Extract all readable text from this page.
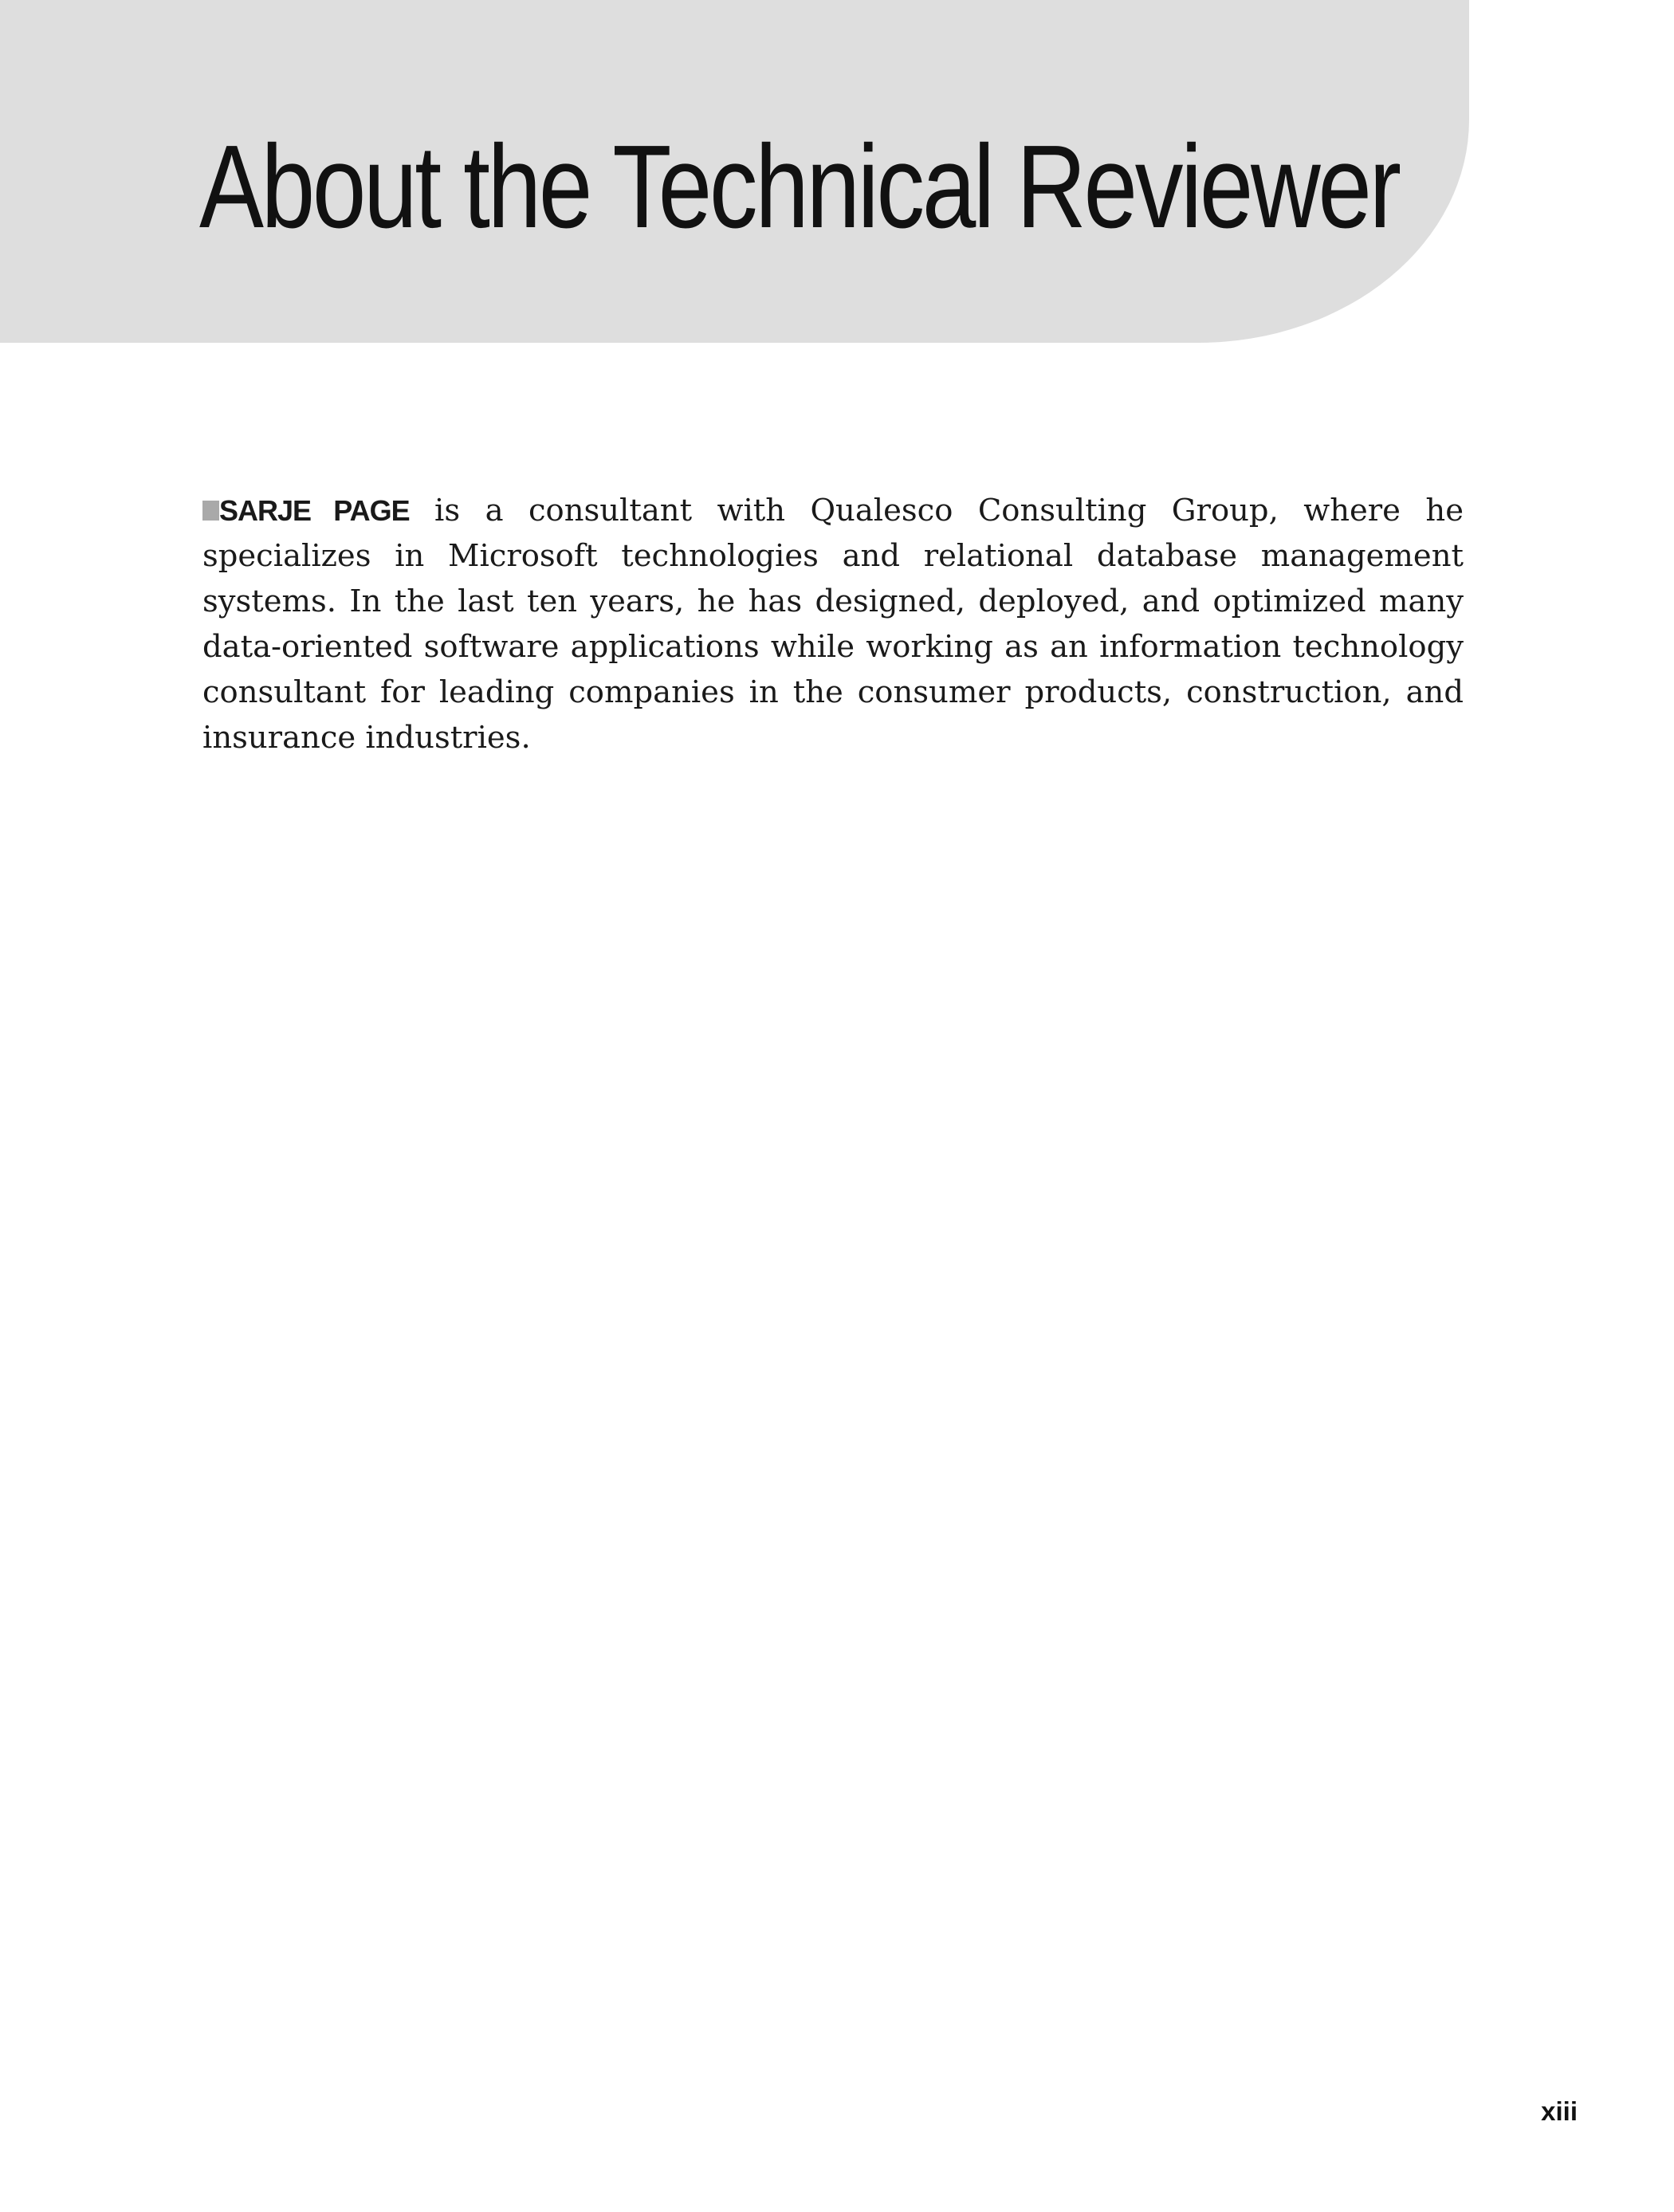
About the Technical Reviewer

SARJE PAGE is a consultant with Qualesco Consulting Group, where he specializes in Microsoft technologies and relational database management systems. In the last ten years, he has designed, deployed, and optimized many data-oriented software applications while working as an information technology consultant for leading companies in the consumer products, construction, and insurance industries.

xiii
